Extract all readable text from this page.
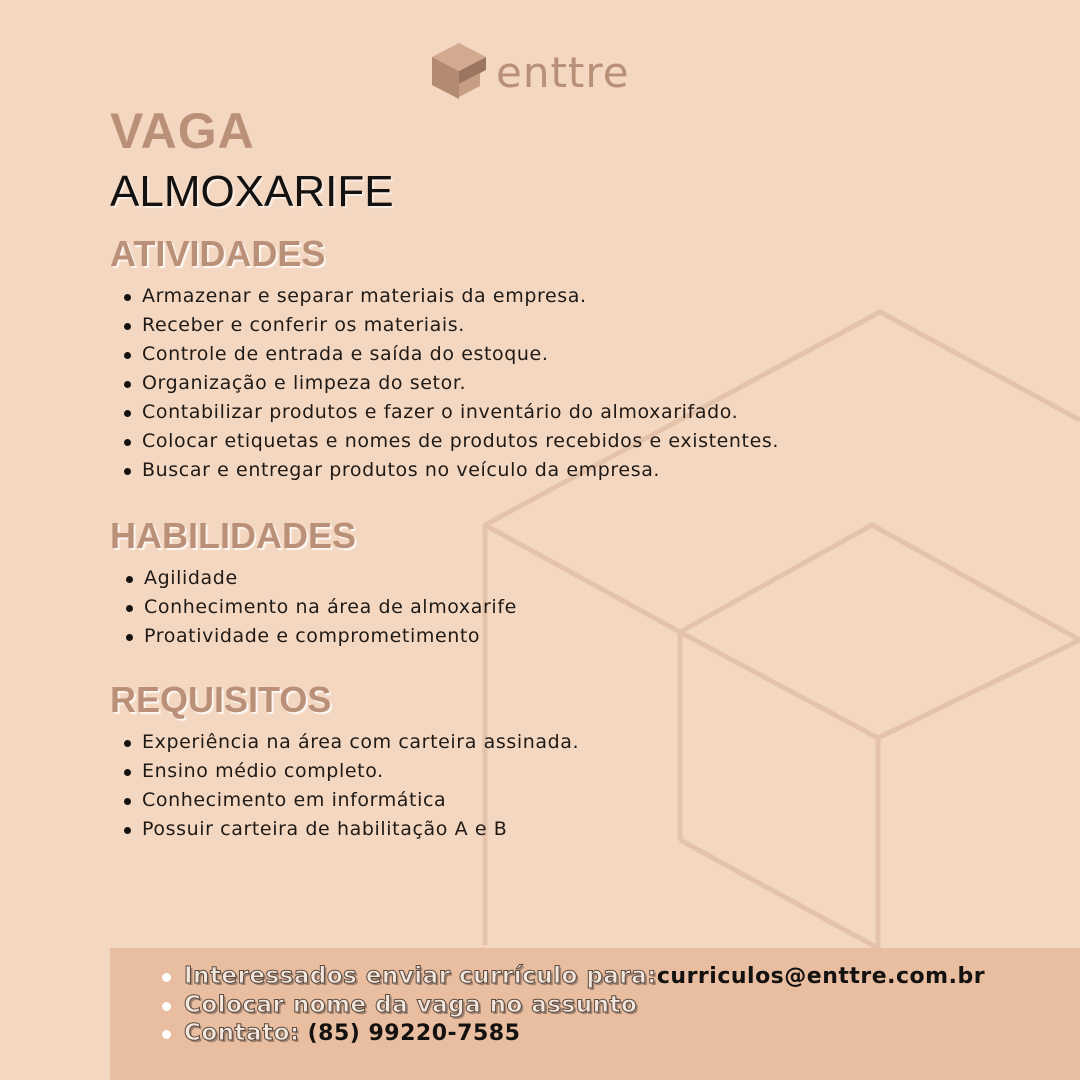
enttre
VAGA
ALMOXARIFE
ATIVIDADES
Armazenar e separar materiais da empresa.
Receber e conferir os materiais.
Controle de entrada e saída do estoque.
Organização e limpeza do setor.
Contabilizar produtos e fazer o inventário do almoxarifado.
Colocar etiquetas e nomes de produtos recebidos e existentes.
Buscar e entregar produtos no veículo da empresa.
HABILIDADES
Agilidade
Conhecimento na área de almoxarife
Proatividade e comprometimento
REQUISITOS
Experiência na área com carteira assinada.
Ensino médio completo.
Conhecimento em informática
Possuir carteira de habilitação A e B
Interessados enviar currículo para:curriculos@enttre.com.br
Colocar nome da vaga no assunto
Contato: (85) 99220-7585
